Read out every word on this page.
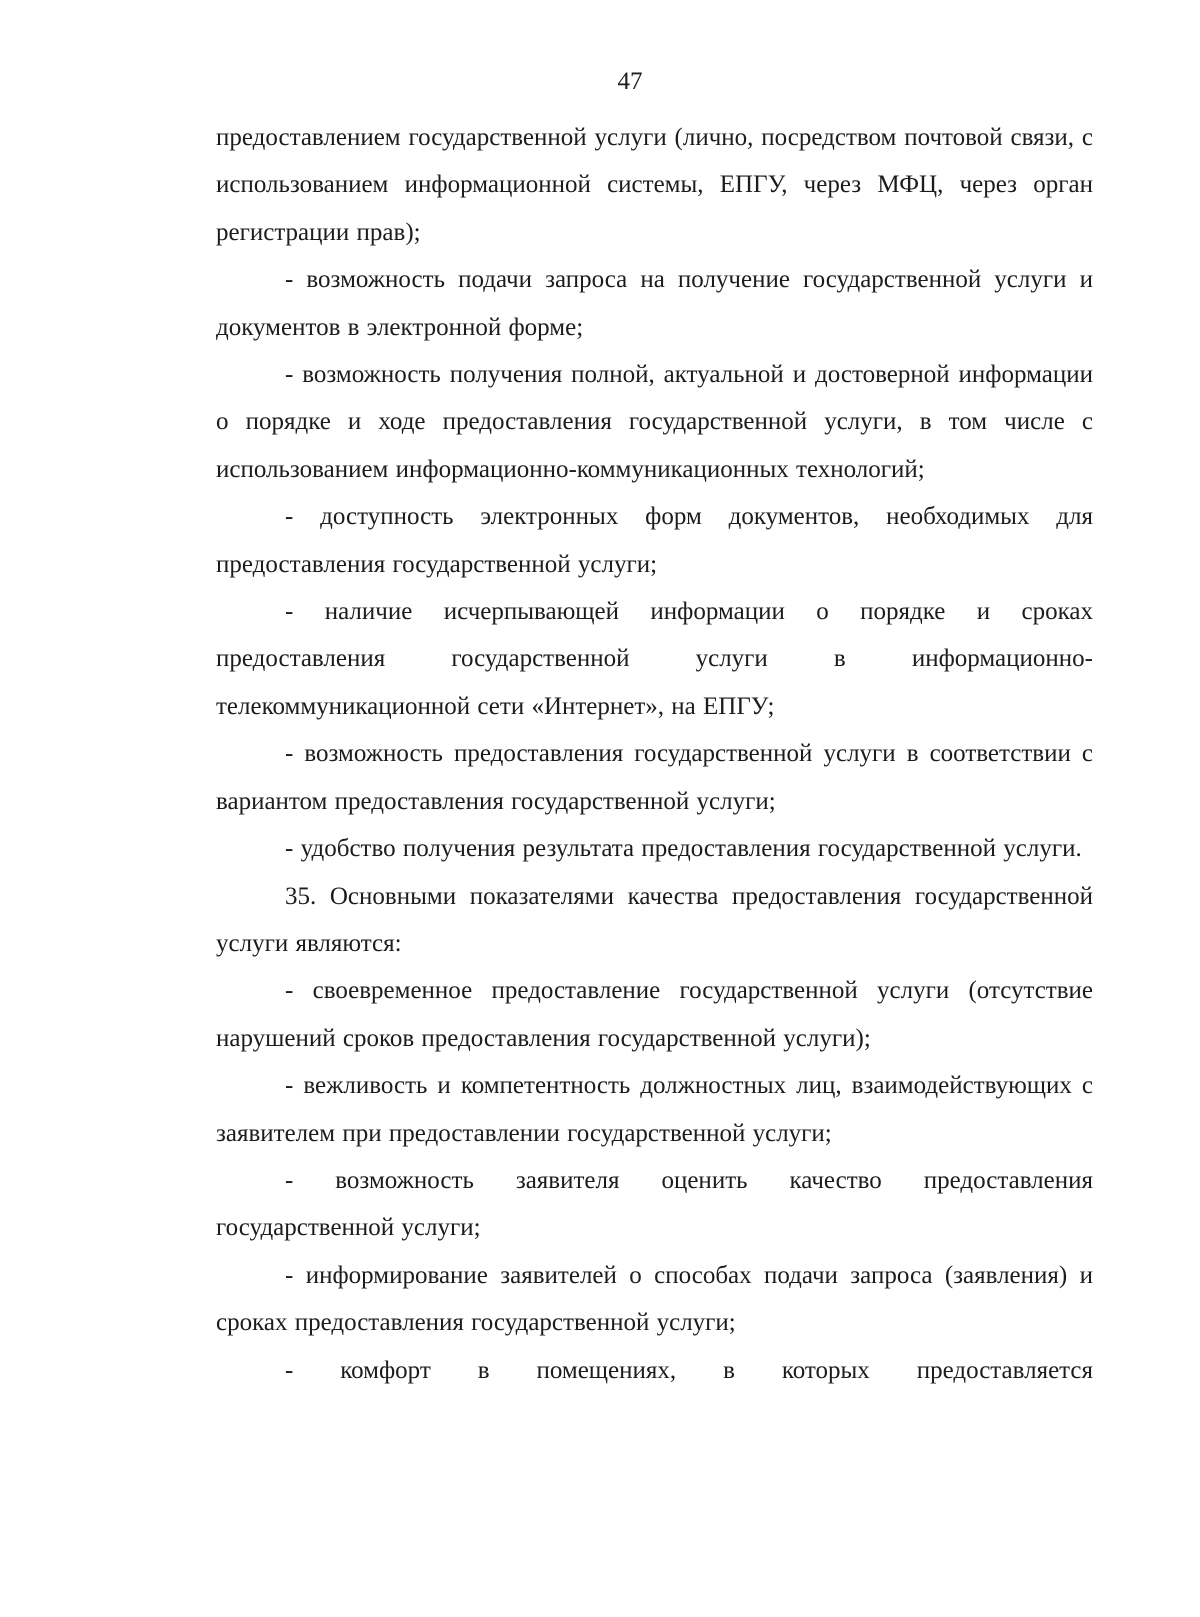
47

предоставлением государственной услуги (лично, посредством почтовой связи, с использованием информационной системы, ЕПГУ, через МФЦ, через орган регистрации прав);

- возможность подачи запроса на получение государственной услуги и документов в электронной форме;

- возможность получения полной, актуальной и достоверной информации о порядке и ходе предоставления государственной услуги, в том числе с использованием информационно-коммуникационных технологий;

- доступность электронных форм документов, необходимых для предоставления государственной услуги;

- наличие исчерпывающей информации о порядке и сроках предоставления государственной услуги в информационно-телекоммуникационной сети «Интернет», на ЕПГУ;

- возможность предоставления государственной услуги в соответствии с вариантом предоставления государственной услуги;

- удобство получения результата предоставления государственной услуги.

35. Основными показателями качества предоставления государственной услуги являются:

- своевременное предоставление государственной услуги (отсутствие нарушений сроков предоставления государственной услуги);

- вежливость и компетентность должностных лиц, взаимодействующих с заявителем при предоставлении государственной услуги;

- возможность заявителя оценить качество предоставления государственной услуги;

- информирование заявителей о способах подачи запроса (заявления) и сроках предоставления государственной услуги;

- комфорт в помещениях, в которых предоставляется
